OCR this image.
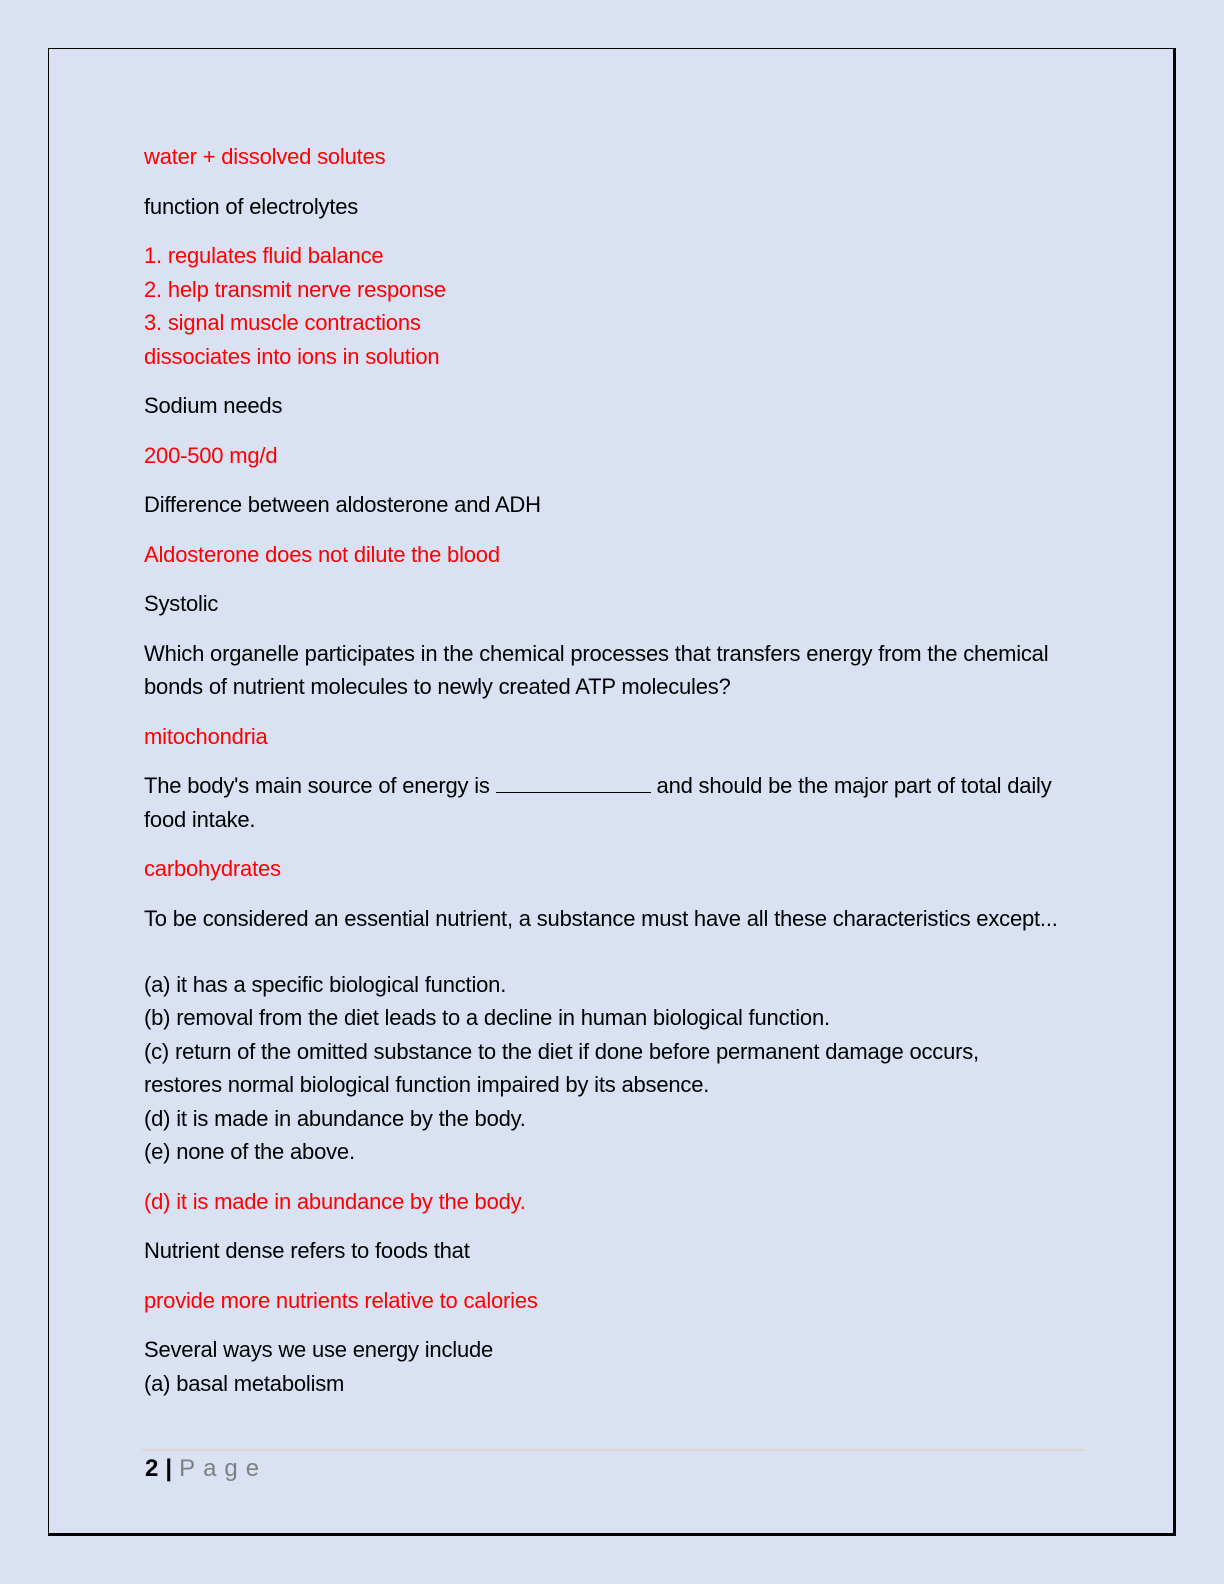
water + dissolved solutes
function of electrolytes
1. regulates fluid balance
2. help transmit nerve response
3. signal muscle contractions
dissociates into ions in solution
Sodium needs
200-500 mg/d
Difference between aldosterone and ADH
Aldosterone does not dilute the blood
Systolic
Which organelle participates in the chemical processes that transfers energy from the chemical
bonds of nutrient molecules to newly created ATP molecules?
mitochondria
The body's main source of energy is	and should be the major part of total daily
food intake.
carbohydrates
To be considered an essential nutrient, a substance must have all these characteristics except...
(a) it has a specific biological function.
(b) removal from the diet leads to a decline in human biological function.
(c) return of the omitted substance to the diet if done before permanent damage occurs,
restores normal biological function impaired by its absence.
(d) it is made in abundance by the body.
(e) none of the above.
(d) it is made in abundance by the body.
Nutrient dense refers to foods that
provide more nutrients relative to calories
Several ways we use energy include
(a) basal metabolism
2 | Page
